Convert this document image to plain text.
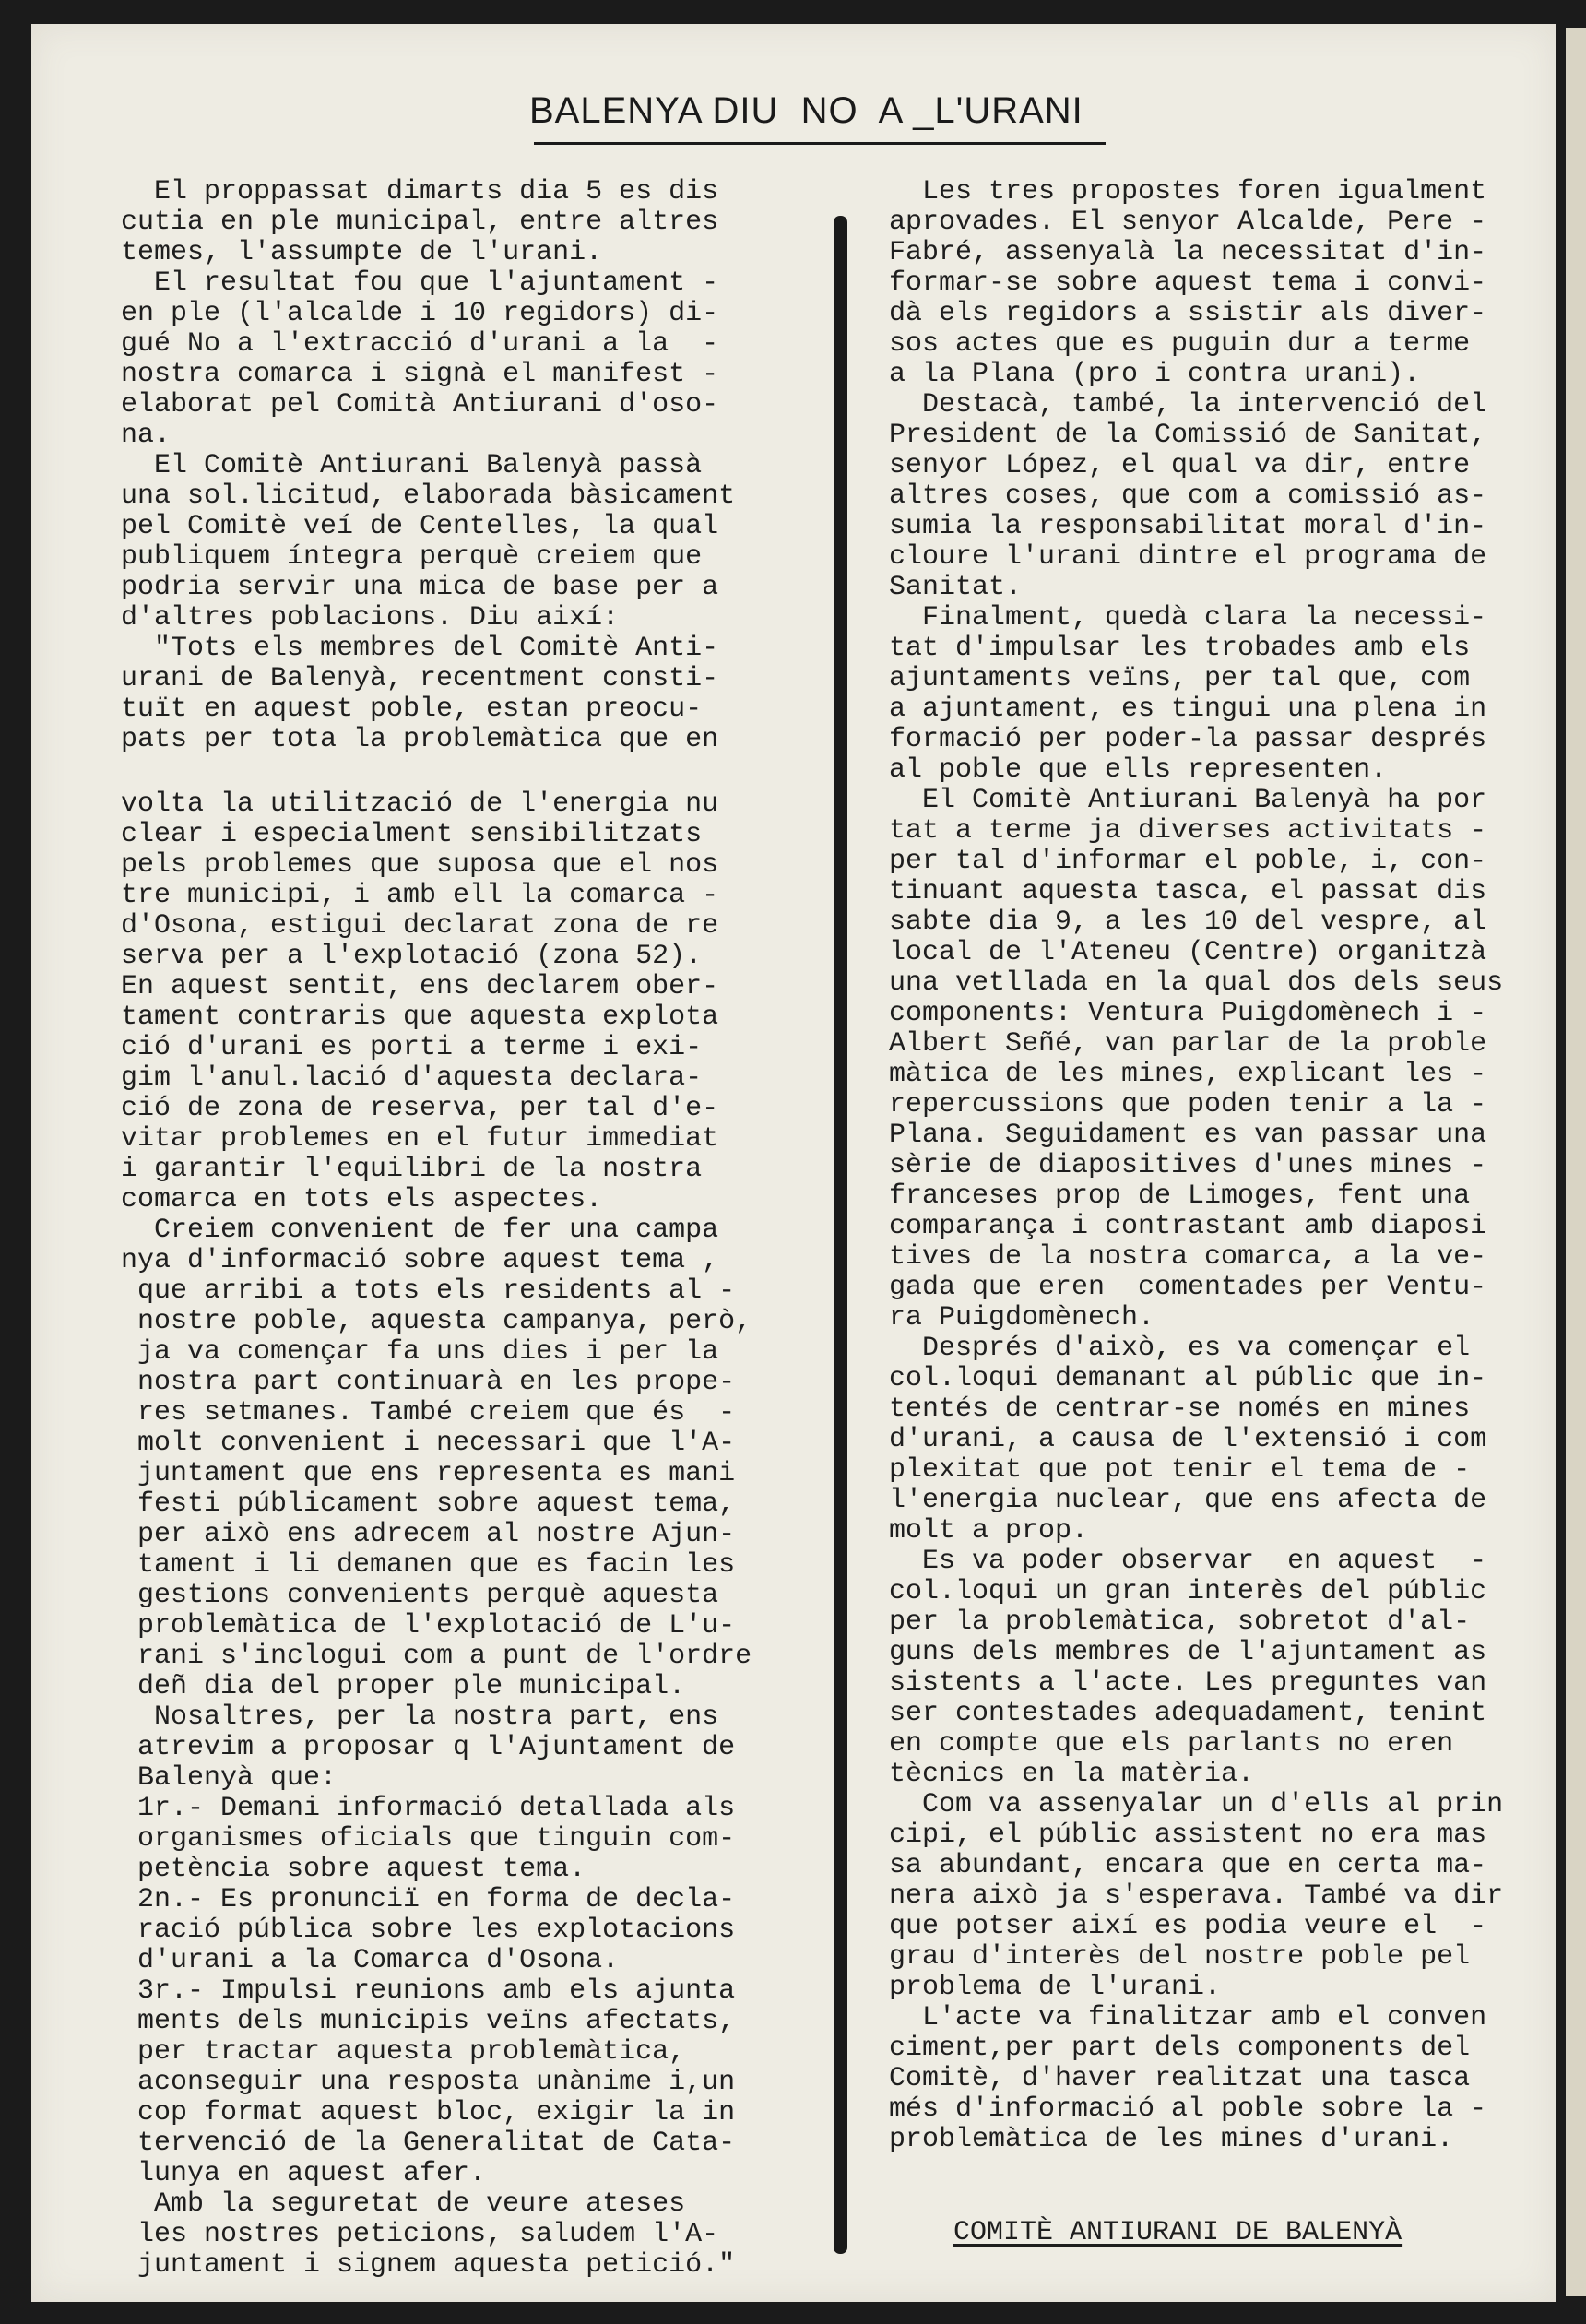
BALENYA DIU  NO  A _L'URANI

El proppassat dimarts dia 5 es dis

cutia en ple municipal, entre altres

temes, l'assumpte de l'urani.

El resultat fou que l'ajuntament -

en ple (l'alcalde i 10 regidors) di-

gué No a l'extracció d'urani a la  -

nostra comarca i signà el manifest -

elaborat pel Comità Antiurani d'oso-

na.

El Comitè Antiurani Balenyà passà

una sol.licitud, elaborada bàsicament

pel Comitè veí de Centelles, la qual

publiquem íntegra perquè creiem que

podria servir una mica de base per a

d'altres poblacions. Diu així:

"Tots els membres del Comitè Anti-

urani de Balenyà, recentment consti-

tuït en aquest poble, estan preocu-

pats per tota la problemàtica que en

volta la utilització de l'energia nu

clear i especialment sensibilitzats

pels problemes que suposa que el nos

tre municipi, i amb ell la comarca -

d'Osona, estigui declarat zona de re

serva per a l'explotació (zona 52).

En aquest sentit, ens declarem ober-

tament contraris que aquesta explota

ció d'urani es porti a terme i exi-

gim l'anul.lació d'aquesta declara-

ció de zona de reserva, per tal d'e-

vitar problemes en el futur immediat

i garantir l'equilibri de la nostra

comarca en tots els aspectes.

Creiem convenient de fer una campa

nya d'informació sobre aquest tema ,

que arribi a tots els residents al -

nostre poble, aquesta campanya, però,

ja va començar fa uns dies i per la

nostra part continuarà en les prope-

res setmanes. També creiem que és  -

molt convenient i necessari que l'A-

juntament que ens representa es mani

festi públicament sobre aquest tema,

per això ens adrecem al nostre Ajun-

tament i li demanen que es facin les

gestions convenients perquè aquesta

problemàtica de l'explotació de L'u-

rani s'inclogui com a punt de l'ordre

deñ dia del proper ple municipal.

Nosaltres, per la nostra part, ens

atrevim a proposar q l'Ajuntament de

Balenyà que:

1r.- Demani informació detallada als

organismes oficials que tinguin com-

petència sobre aquest tema.

2n.- Es pronunciï en forma de decla-

ració pública sobre les explotacions

d'urani a la Comarca d'Osona.

3r.- Impulsi reunions amb els ajunta

ments dels municipis veïns afectats,

per tractar aquesta problemàtica,

aconseguir una resposta unànime i,un

cop format aquest bloc, exigir la in

tervenció de la Generalitat de Cata-

lunya en aquest afer.

Amb la seguretat de veure ateses

les nostres peticions, saludem l'A-

juntament i signem aquesta petició."

Les tres propostes foren igualment

aprovades. El senyor Alcalde, Pere -

Fabré, assenyalà la necessitat d'in-

formar-se sobre aquest tema i convi-

dà els regidors a ssistir als diver-

sos actes que es puguin dur a terme

a la Plana (pro i contra urani).

Destacà, també, la intervenció del

President de la Comissió de Sanitat,

senyor López, el qual va dir, entre

altres coses, que com a comissió as-

sumia la responsabilitat moral d'in-

cloure l'urani dintre el programa de

Sanitat.

Finalment, quedà clara la necessi-

tat d'impulsar les trobades amb els

ajuntaments veïns, per tal que, com

a ajuntament, es tingui una plena in

formació per poder-la passar després

al poble que ells representen.

El Comitè Antiurani Balenyà ha por

tat a terme ja diverses activitats -

per tal d'informar el poble, i, con-

tinuant aquesta tasca, el passat dis

sabte dia 9, a les 10 del vespre, al

local de l'Ateneu (Centre) organitzà

una vetllada en la qual dos dels seus

components: Ventura Puigdomènech i -

Albert Señé, van parlar de la proble

màtica de les mines, explicant les -

repercussions que poden tenir a la -

Plana. Seguidament es van passar una

sèrie de diapositives d'unes mines -

franceses prop de Limoges, fent una

comparança i contrastant amb diaposi

tives de la nostra comarca, a la ve-

gada que eren  comentades per Ventu-

ra Puigdomènech.

Després d'això, es va començar el

col.loqui demanant al públic que in-

tentés de centrar-se només en mines

d'urani, a causa de l'extensió i com

plexitat que pot tenir el tema de -

l'energia nuclear, que ens afecta de

molt a prop.

Es va poder observar  en aquest  -

col.loqui un gran interès del públic

per la problemàtica, sobretot d'al-

guns dels membres de l'ajuntament as

sistents a l'acte. Les preguntes van

ser contestades adequadament, tenint

en compte que els parlants no eren

tècnics en la matèria.

Com va assenyalar un d'ells al prin

cipi, el públic assistent no era mas

sa abundant, encara que en certa ma-

nera això ja s'esperava. També va dir

que potser així es podia veure el  -

grau d'interès del nostre poble pel

problema de l'urani.

L'acte va finalitzar amb el conven

ciment,per part dels components del

Comitè, d'haver realitzat una tasca

més d'informació al poble sobre la -

problemàtica de les mines d'urani.

COMITÈ ANTIURANI DE BALENYÀ
